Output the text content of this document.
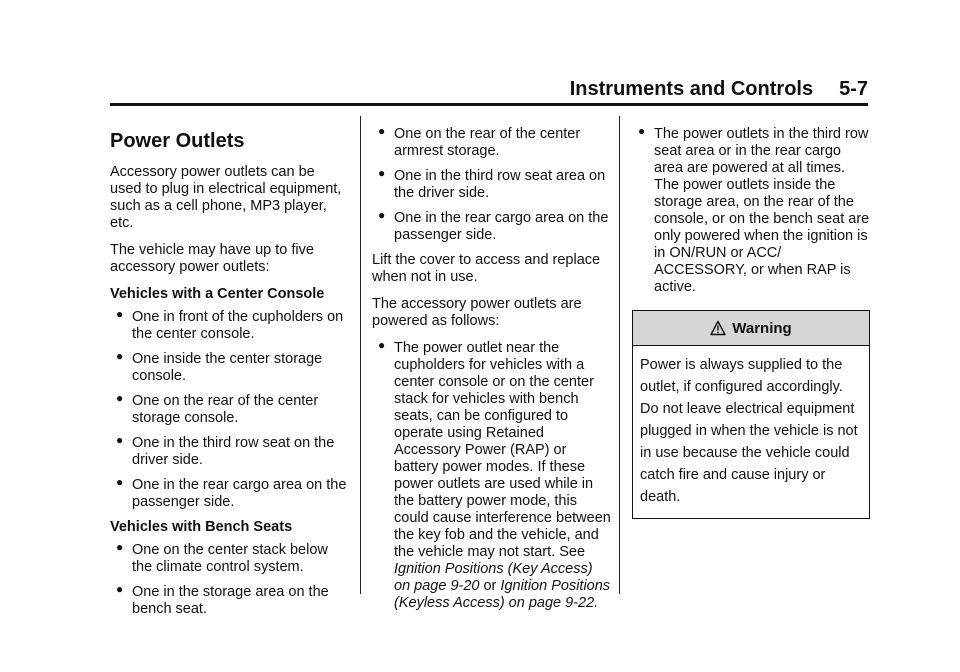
Instruments and Controls 5-7
Power Outlets

Accessory power outlets can be used to plug in electrical equipment, such as a cell phone, MP3 player, etc.

The vehicle may have up to five accessory power outlets:

Vehicles with a Center Console

● One in front of the cupholders on the center console.
● One inside the center storage console.
● One on the rear of the center storage console.
● One in the third row seat on the driver side.
● One in the rear cargo area on the passenger side.

Vehicles with Bench Seats

● One on the center stack below the climate control system.
● One in the storage area on the bench seat.
● One on the rear of the center armrest storage.
● One in the third row seat area on the driver side.
● One in the rear cargo area on the passenger side.

Lift the cover to access and replace when not in use.

The accessory power outlets are powered as follows:

● The power outlet near the cupholders for vehicles with a center console or on the center stack for vehicles with bench seats, can be configured to operate using Retained Accessory Power (RAP) or battery power modes. If these power outlets are used while in the battery power mode, this could cause interference between the key fob and the vehicle, and the vehicle may not start. See Ignition Positions (Key Access) on page 9-20 or Ignition Positions (Keyless Access) on page 9-22.
● The power outlets in the third row seat area or in the rear cargo area are powered at all times. The power outlets inside the storage area, on the rear of the console, or on the bench seat are only powered when the ignition is in ON/RUN or ACC/ ACCESSORY, or when RAP is active.
Warning
Power is always supplied to the outlet, if configured accordingly. Do not leave electrical equipment plugged in when the vehicle is not in use because the vehicle could catch fire and cause injury or death.
